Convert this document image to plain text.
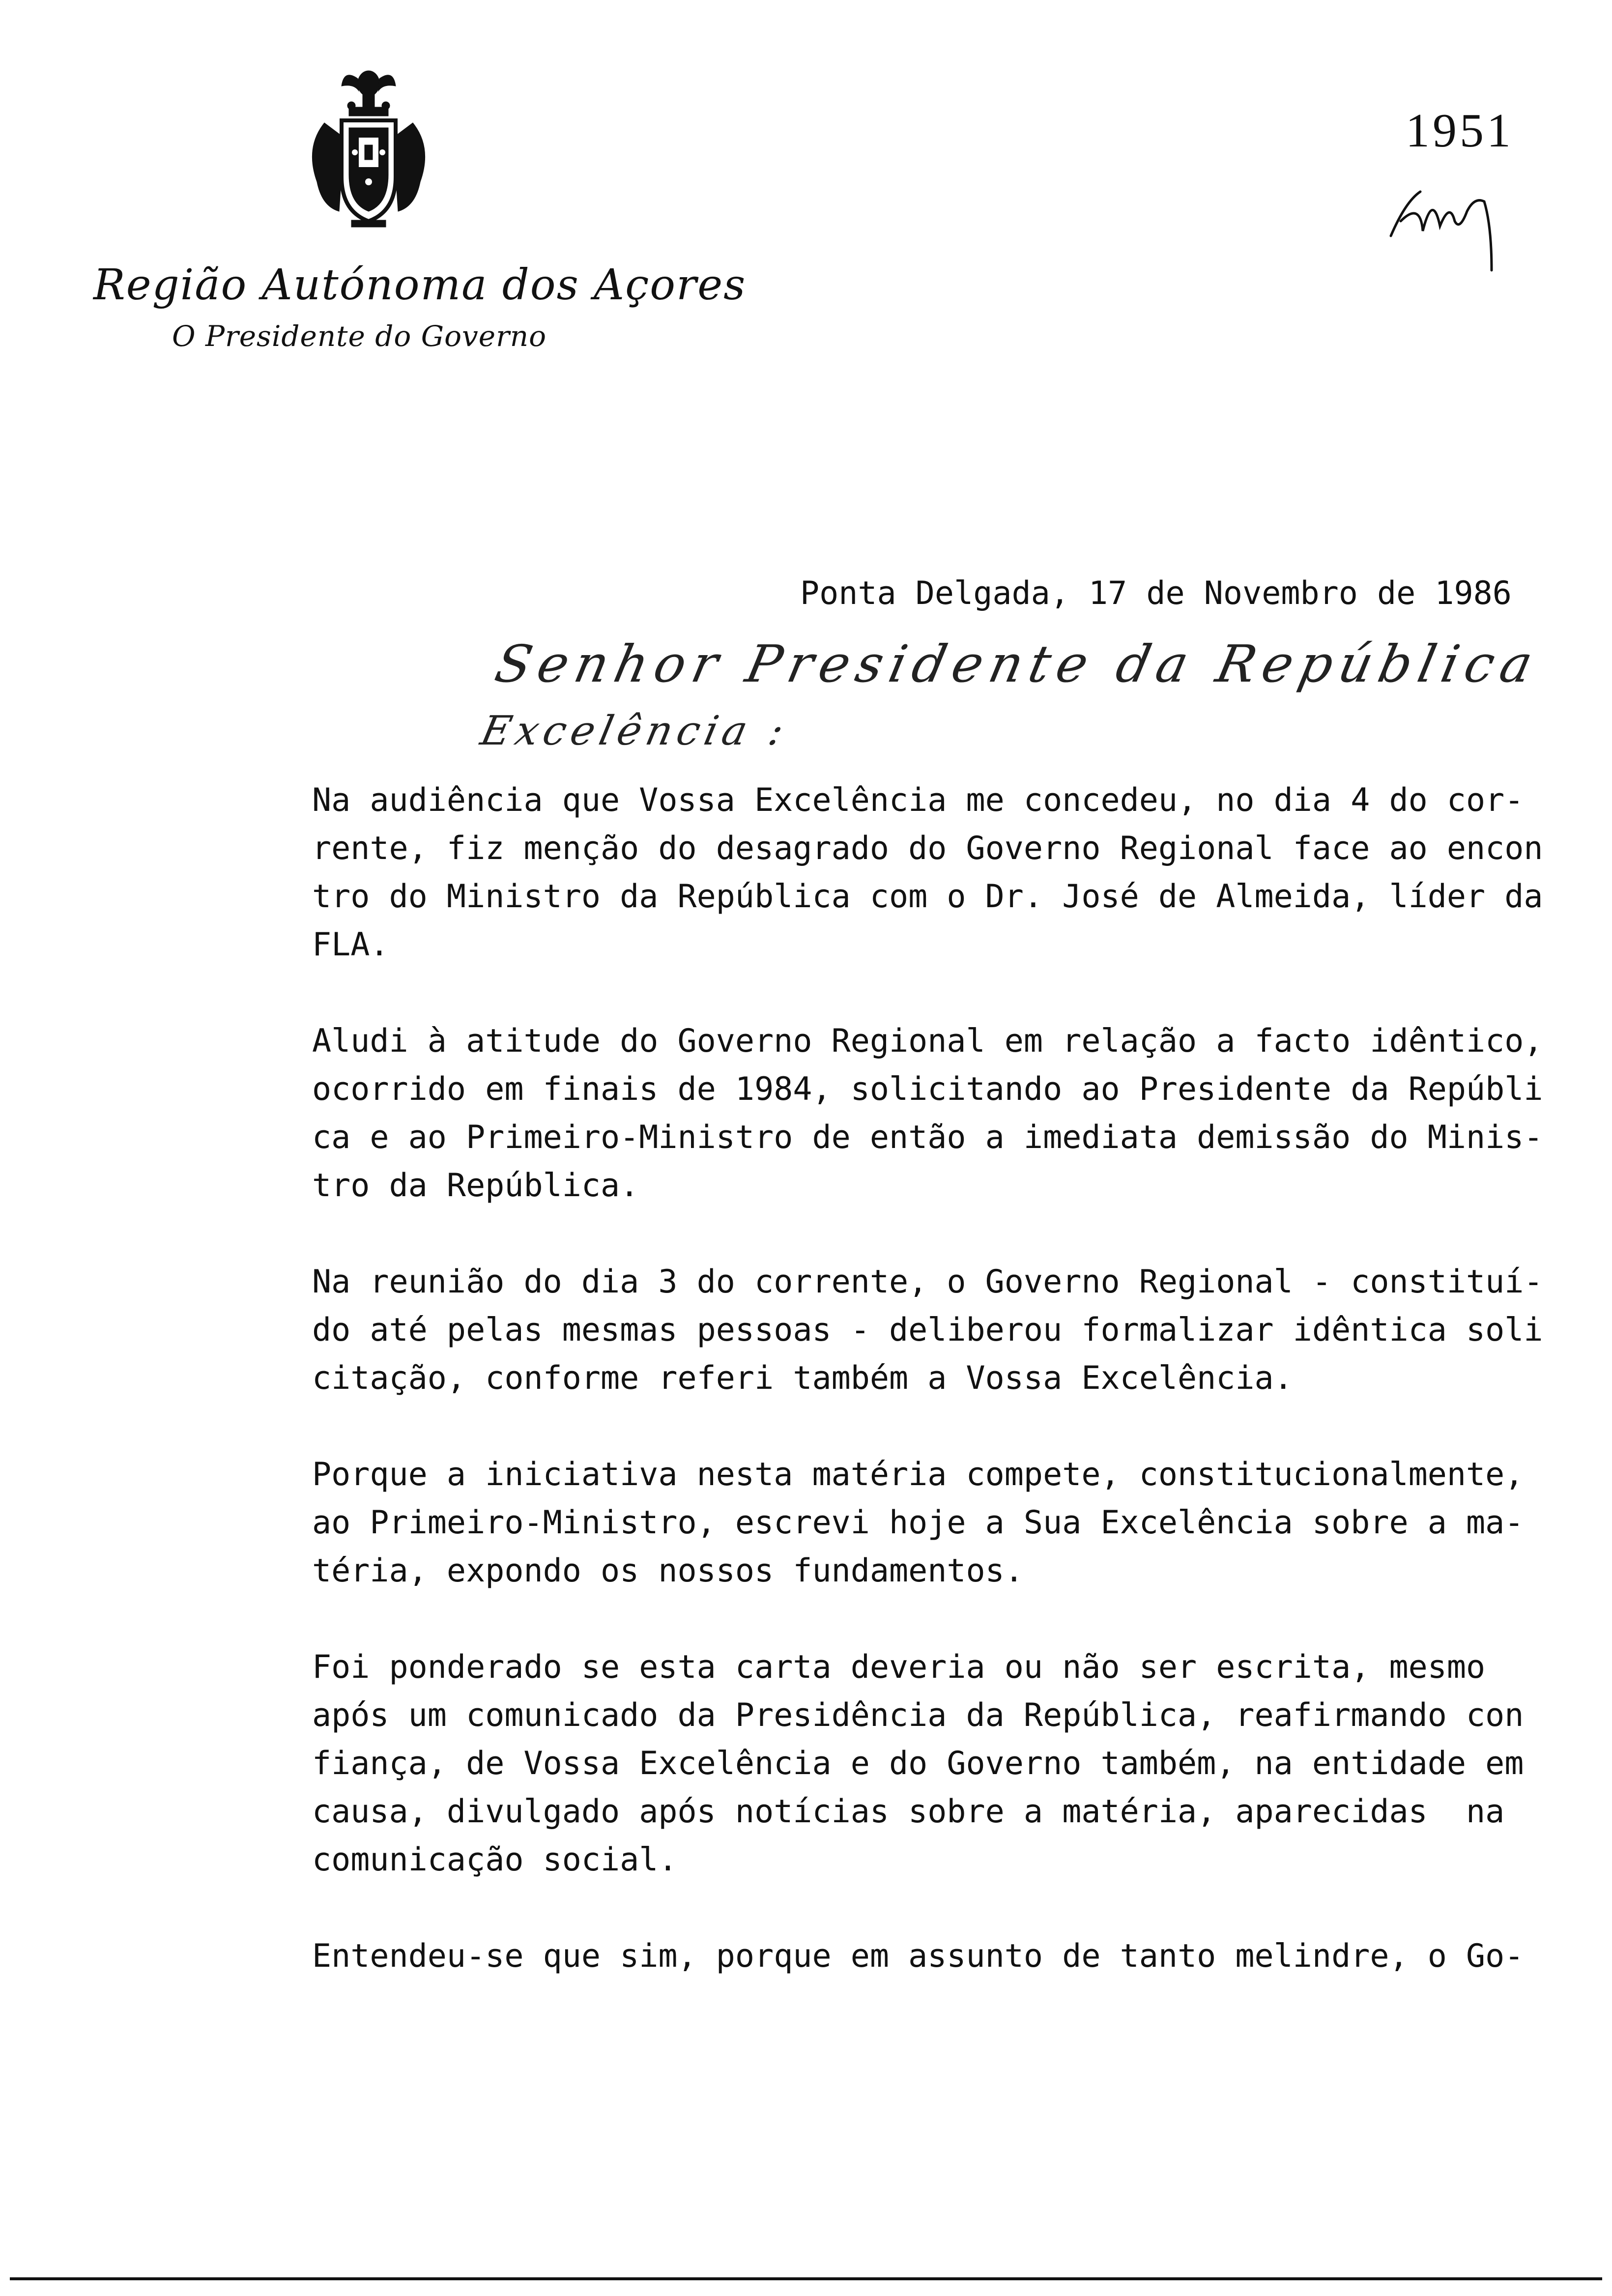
Região Autónoma dos Açores
O Presidente do Governo
1951
Ponta Delgada, 17 de Novembro de 1986
Senhor Presidente da República
Excelência :

Na audiência que Vossa Excelência me concedeu, no dia 4 do cor-
rente, fiz menção do desagrado do Governo Regional face ao encon
tro do Ministro da República com o Dr. José de Almeida, líder da
FLA.

Aludi à atitude do Governo Regional em relação a facto idêntico,
ocorrido em finais de 1984, solicitando ao Presidente da Repúbli
ca e ao Primeiro-Ministro de então a imediata demissão do Minis-
tro da República.

Na reunião do dia 3 do corrente, o Governo Regional - constituí-
do até pelas mesmas pessoas - deliberou formalizar idêntica soli
citação, conforme referi também a Vossa Excelência.

Porque a iniciativa nesta matéria compete, constitucionalmente,
ao Primeiro-Ministro, escrevi hoje a Sua Excelência sobre a ma-
téria, expondo os nossos fundamentos.

Foi ponderado se esta carta deveria ou não ser escrita, mesmo
após um comunicado da Presidência da República, reafirmando con
fiança, de Vossa Excelência e do Governo também, na entidade em
causa, divulgado após notícias sobre a matéria, aparecidas  na
comunicação social.

Entendeu-se que sim, porque em assunto de tanto melindre, o Go-
